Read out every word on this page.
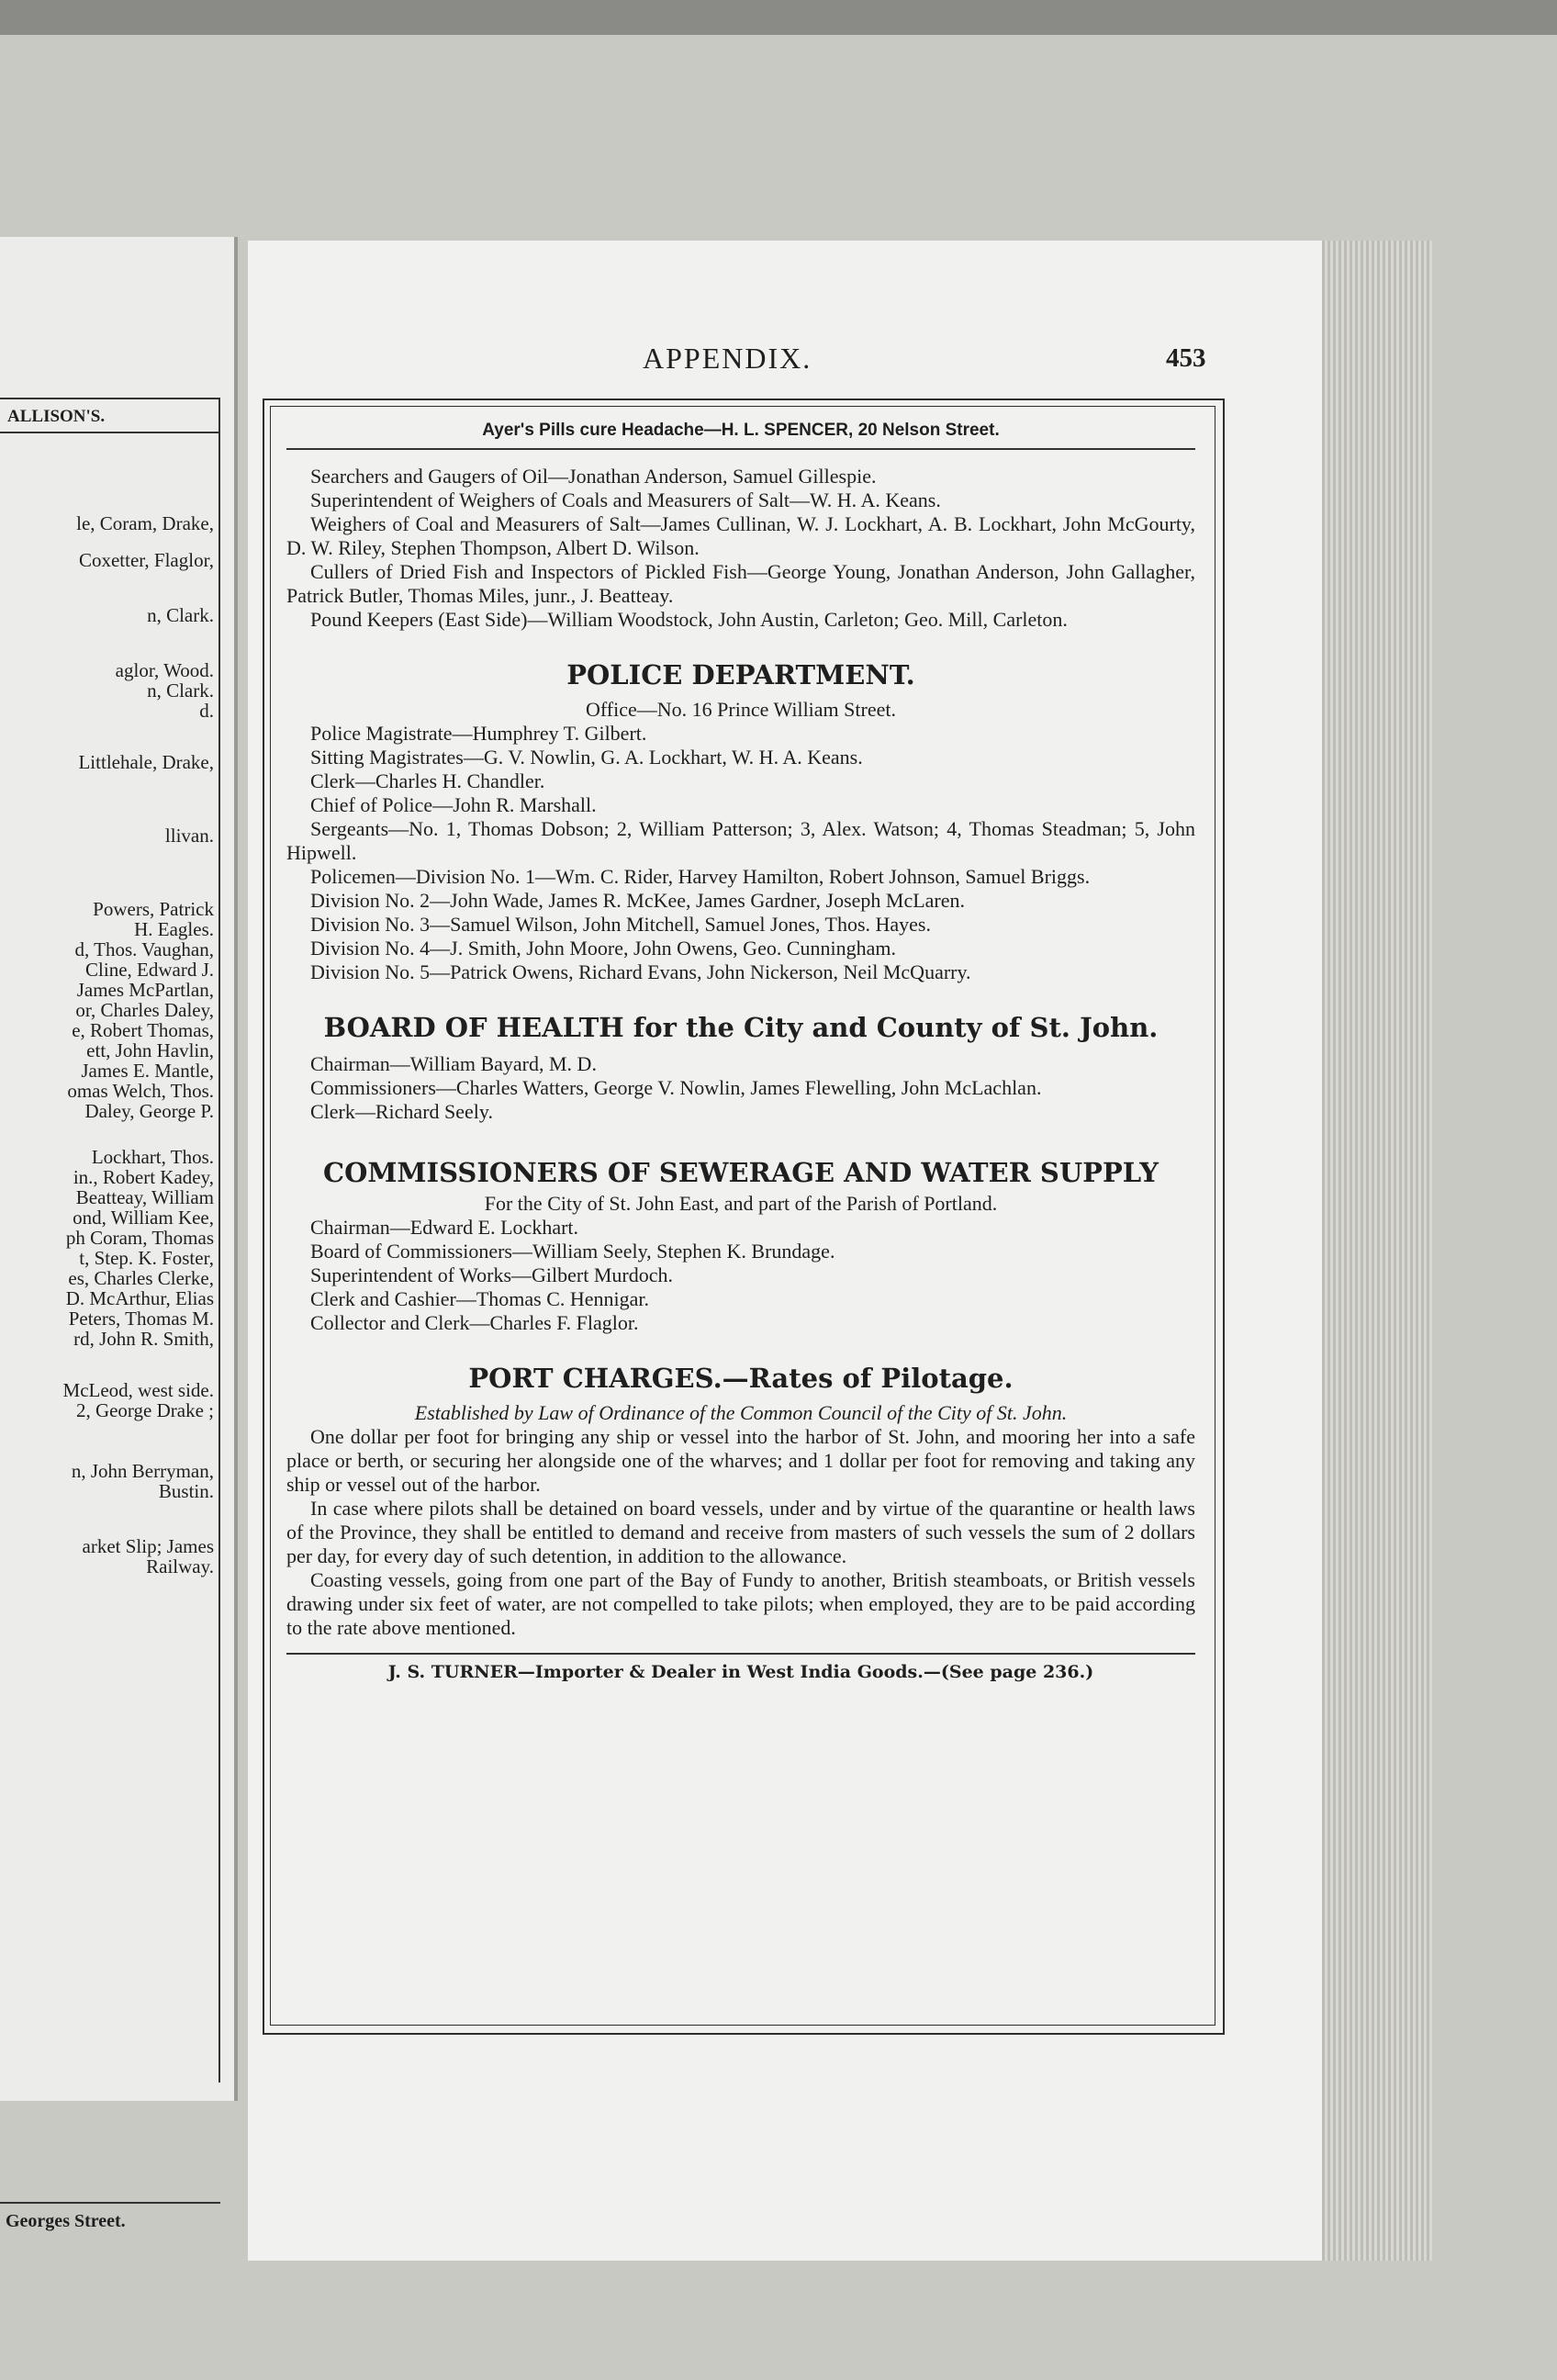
ALLISON'S.
le, Coram, Drake,
Coxetter, Flaglor,
n, Clark.
aglor, Wood.
n, Clark.
d.
Littlehale, Drake,
llivan.
Powers, Patrick
H. Eagles.
d, Thos. Vaughan,
Cline, Edward J.
James McPartlan,
or, Charles Daley,
e, Robert Thomas,
ett, John Havlin,
James E. Mantle,
omas Welch, Thos.
Daley, George P.
Lockhart, Thos.
in., Robert Kadey,
Beatteay, William
ond, William Kee,
ph Coram, Thomas
t, Step. K. Foster,
es, Charles Clerke,
D. McArthur, Elias
Peters, Thomas M.
rd, John R. Smith,
McLeod, west side.
2, George Drake ;
n, John Berryman,
Bustin.
arket Slip; James
Railway.
Georges Street.
APPENDIX.	453
Ayer's Pills cure Headache—H. L. SPENCER, 20 Nelson Street.

Searchers and Gaugers of Oil—Jonathan Anderson, Samuel Gillespie.

Superintendent of Weighers of Coals and Measurers of Salt—W. H. A. Keans.

Weighers of Coal and Measurers of Salt—James Cullinan, W. J. Lockhart, A. B. Lockhart, John McGourty, D. W. Riley, Stephen Thompson, Albert D. Wilson.

Cullers of Dried Fish and Inspectors of Pickled Fish—George Young, Jonathan Anderson, John Gallagher, Patrick Butler, Thomas Miles, junr., J. Beatteay.

Pound Keepers (East Side)—William Woodstock, John Austin, Carleton; Geo. Mill, Carleton.

POLICE DEPARTMENT.

Office—No. 16 Prince William Street.

Police Magistrate—Humphrey T. Gilbert.

Sitting Magistrates—G. V. Nowlin, G. A. Lockhart, W. H. A. Keans.

Clerk—Charles H. Chandler.

Chief of Police—John R. Marshall.

Sergeants—No. 1, Thomas Dobson; 2, William Patterson; 3, Alex. Watson; 4, Thomas Steadman; 5, John Hipwell.

Policemen—Division No. 1—Wm. C. Rider, Harvey Hamilton, Robert Johnson, Samuel Briggs.

Division No. 2—John Wade, James R. McKee, James Gardner, Joseph McLaren.

Division No. 3—Samuel Wilson, John Mitchell, Samuel Jones, Thos. Hayes.

Division No. 4—J. Smith, John Moore, John Owens, Geo. Cunningham.

Division No. 5—Patrick Owens, Richard Evans, John Nickerson, Neil McQuarry.

BOARD OF HEALTH for the City and County of St. John.

Chairman—William Bayard, M. D.

Commissioners—Charles Watters, George V. Nowlin, James Flewelling, John McLachlan.

Clerk—Richard Seely.

COMMISSIONERS OF SEWERAGE AND WATER SUPPLY

For the City of St. John East, and part of the Parish of Portland.

Chairman—Edward E. Lockhart.

Board of Commissioners—William Seely, Stephen K. Brundage.

Superintendent of Works—Gilbert Murdoch.

Clerk and Cashier—Thomas C. Hennigar.

Collector and Clerk—Charles F. Flaglor.

PORT CHARGES.—Rates of Pilotage.

Established by Law of Ordinance of the Common Council of the City of St. John.

One dollar per foot for bringing any ship or vessel into the harbor of St. John, and mooring her into a safe place or berth, or securing her alongside one of the wharves; and 1 dollar per foot for removing and taking any ship or vessel out of the harbor.

In case where pilots shall be detained on board vessels, under and by virtue of the quarantine or health laws of the Province, they shall be entitled to demand and receive from masters of such vessels the sum of 2 dollars per day, for every day of such detention, in addition to the allowance.

Coasting vessels, going from one part of the Bay of Fundy to another, British steamboats, or British vessels drawing under six feet of water, are not compelled to take pilots; when employed, they are to be paid according to the rate above mentioned.

J. S. TURNER—Importer & Dealer in West India Goods.—(See page 236.)
